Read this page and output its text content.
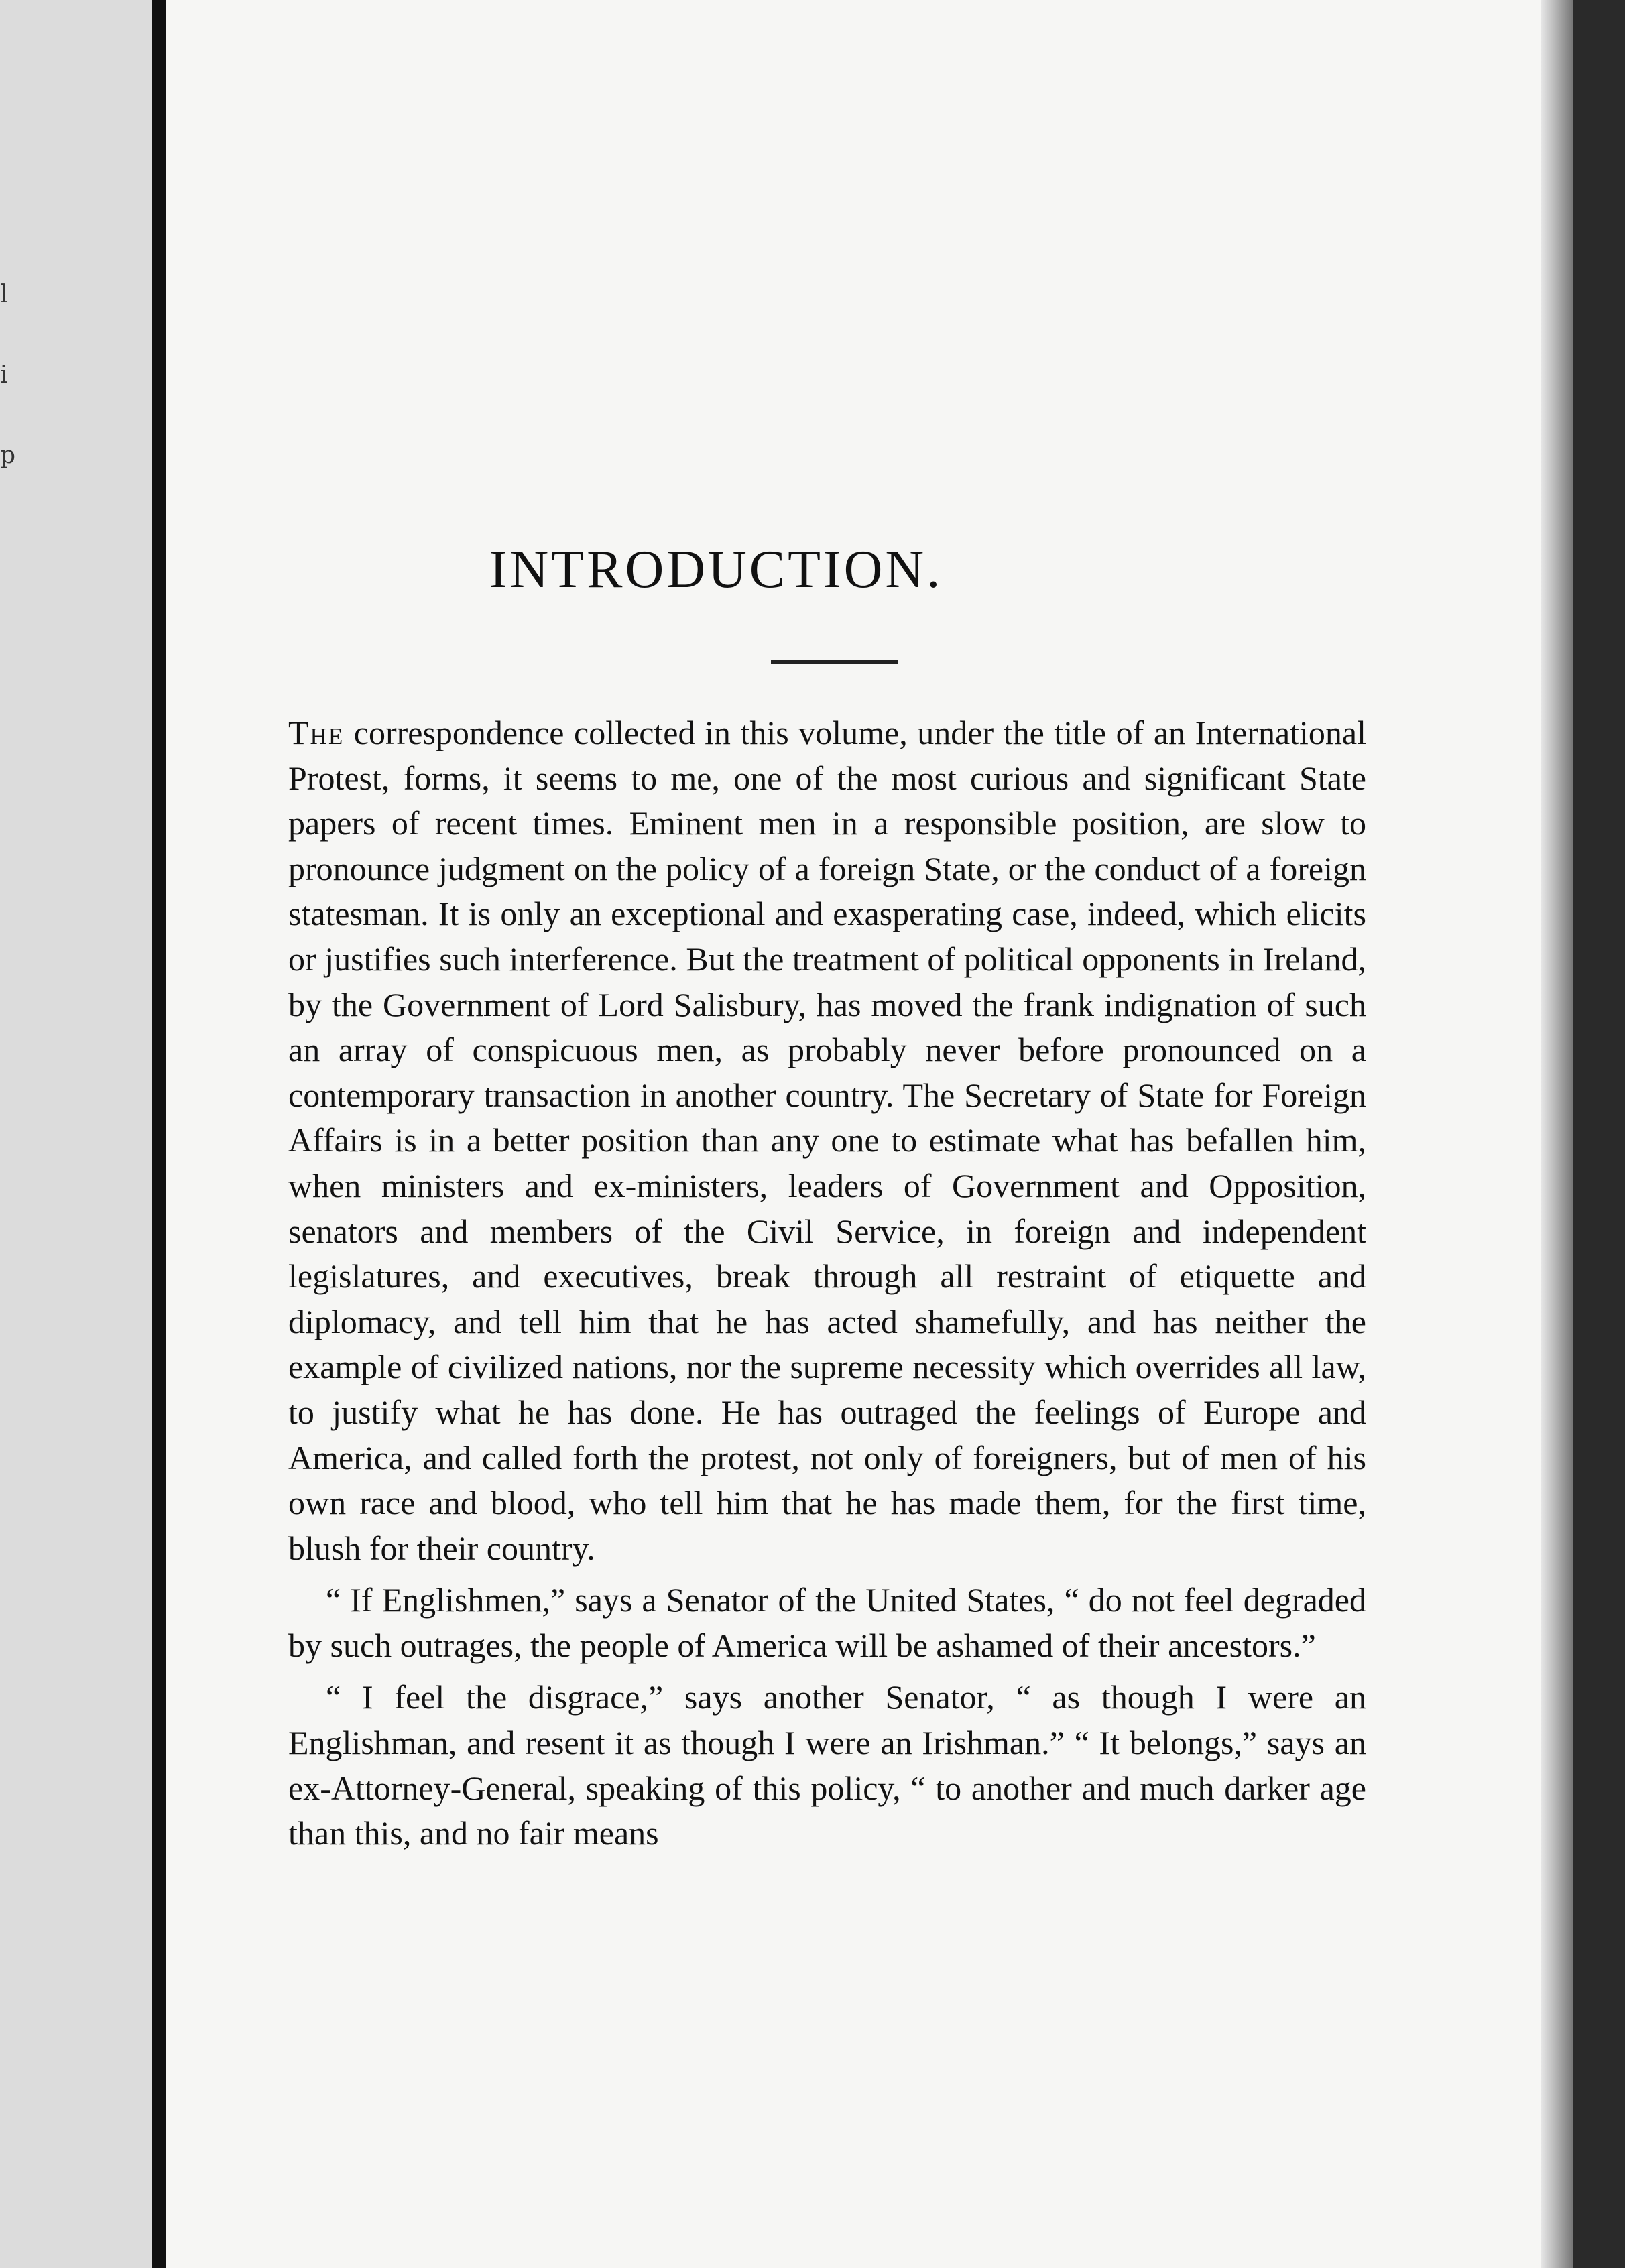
l
i
p
INTRODUCTION.

The correspondence collected in this volume, under the title of an International Protest, forms, it seems to me, one of the most curious and significant State papers of recent times. Eminent men in a responsible position, are slow to pronounce judgment on the policy of a foreign State, or the conduct of a foreign statesman. It is only an exceptional and exasperating case, indeed, which elicits or justifies such interference. But the treatment of political opponents in Ireland, by the Government of Lord Salisbury, has moved the frank indignation of such an array of conspicuous men, as probably never before pronounced on a contemporary transaction in another country. The Secretary of State for Foreign Affairs is in a better position than any one to estimate what has befallen him, when ministers and ex-ministers, leaders of Government and Opposition, senators and members of the Civil Service, in foreign and independent legislatures, and executives, break through all restraint of etiquette and diplomacy, and tell him that he has acted shamefully, and has neither the example of civilized nations, nor the supreme necessity which overrides all law, to justify what he has done. He has outraged the feelings of Europe and America, and called forth the protest, not only of foreigners, but of men of his own race and blood, who tell him that he has made them, for the first time, blush for their country.

“ If Englishmen,” says a Senator of the United States, “ do not feel degraded by such outrages, the people of America will be ashamed of their ancestors.”

“ I feel the disgrace,” says another Senator, “ as though I were an Englishman, and resent it as though I were an Irishman.” “ It belongs,” says an ex-Attorney-General, speaking of this policy, “ to another and much darker age than this, and no fair means
